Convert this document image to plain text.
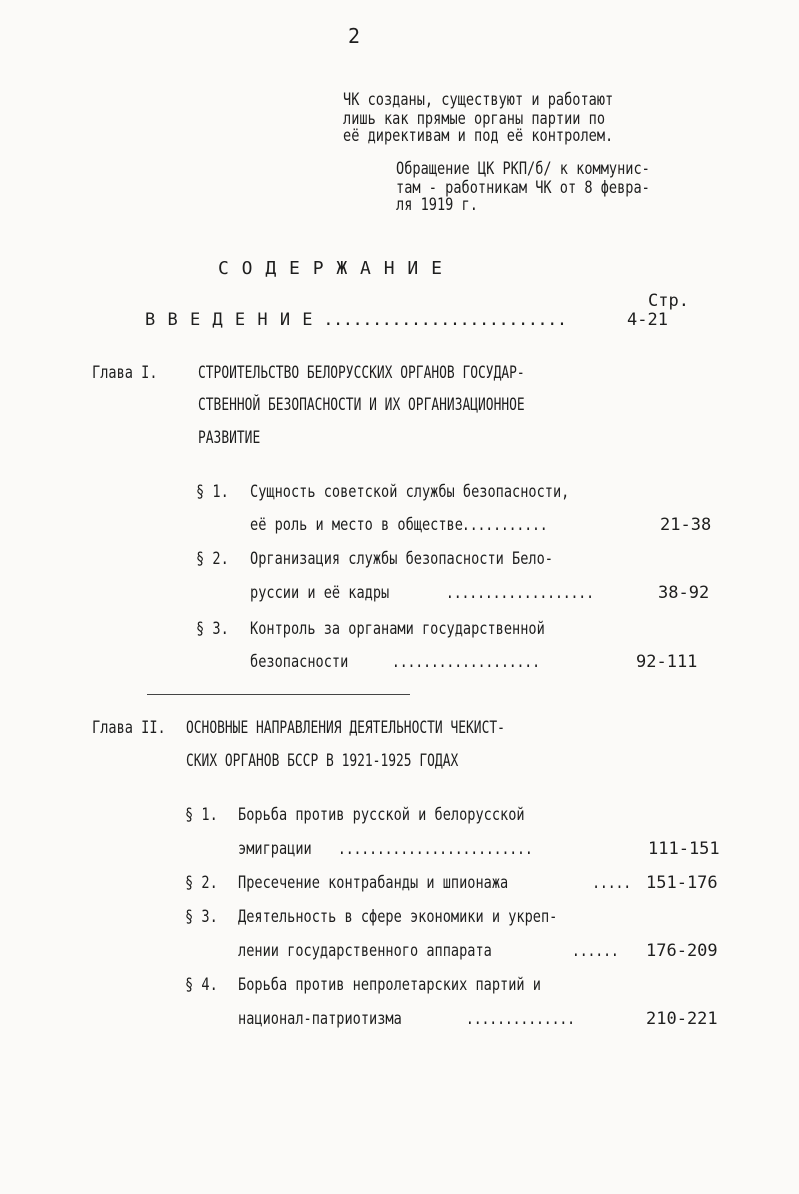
2
ЧК созданы, существуют и работают
лишь как прямые органы партии по
её директивам и под её контролем.
Обращение ЦК РКП/б/ к коммунис-
там - работникам ЧК от 8 февра-
ля 1919 г.
С О Д Е Р Ж А Н И Е
Стр.
В В Е Д Е Н И Е .........................	4-21
Глава I.	СТРОИТЕЛЬСТВО БЕЛОРУССКИХ ОРГАНОВ ГОСУДАР-
СТВЕННОЙ БЕЗОПАСНОСТИ И ИХ ОРГАНИЗАЦИОННОЕ
РАЗВИТИЕ
§ 1.	Сущность советской службы безопасности,
её роль и место в обществе ...........	21-38
§ 2.	Организация службы безопасности Бело-
руссии и её кадры	...................	38-92
§ 3.	Контроль за органами государственной
безопасности	...................	92-111
Глава II.	ОСНОВНЫЕ НАПРАВЛЕНИЯ ДЕЯТЕЛЬНОСТИ ЧЕКИСТ-
СКИХ ОРГАНОВ БССР В 1921-1925 ГОДАХ
§ 1.	Борьба против русской и белорусской
эмиграции	.........................	111-151
§ 2.	Пресечение контрабанды и шпионажа	..... 151-176
§ 3.	Деятельность в сфере экономики и укреп-
лении государственного аппарата	......	176-209
§ 4.	Борьба против непролетарских партий и
национал-патриотизма	..............	210-221
